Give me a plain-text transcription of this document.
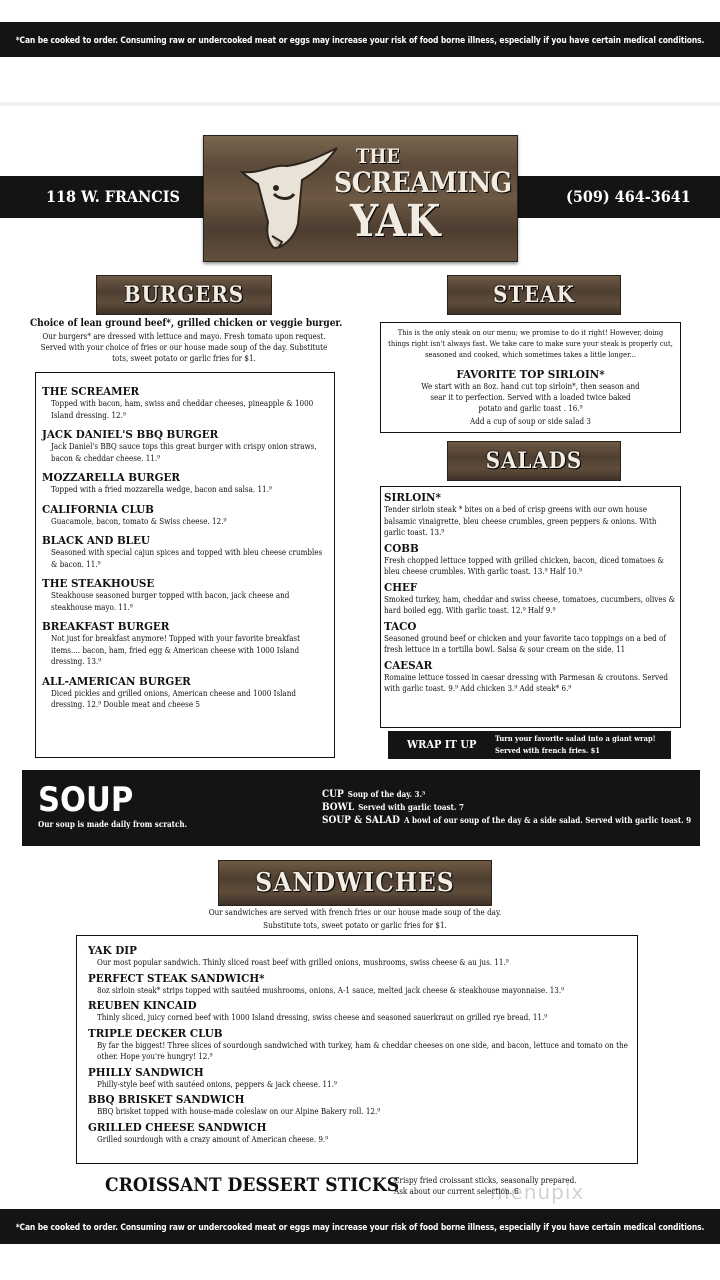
*Can be cooked to order. Consuming raw or undercooked meat or eggs may increase your risk of food borne illness, especially if you have certain medical conditions.
118 W. FRANCIS	(509) 464-3641
THE
SCREAMING
YAK
BURGERS
Choice of lean ground beef*, grilled chicken or veggie burger.
Our burgers* are dressed with lettuce and mayo. Fresh tomato upon request. Served with your choice of fries or our house made soup of the day. Substitute tots, sweet potato or garlic fries for $1.
THE SCREAMER
Topped with bacon, ham, swiss and cheddar cheeses, pineapple & 1000 Island dressing. 12.⁹
JACK DANIEL'S BBQ BURGER
Jack Daniel's BBQ sauce tops this great burger with crispy onion straws, bacon & cheddar cheese. 11.⁹
MOZZARELLA BURGER
Topped with a fried mozzarella wedge, bacon and salsa. 11.⁹
CALIFORNIA CLUB
Guacamole, bacon, tomato & Swiss cheese. 12.⁹
BLACK AND BLEU
Seasoned with special cajun spices and topped with bleu cheese crumbles & bacon. 11.⁹
THE STEAKHOUSE
Steakhouse seasoned burger topped with bacon, jack cheese and steakhouse mayo. 11.⁹
BREAKFAST BURGER
Not just for breakfast anymore! Topped with your favorite breakfast items.... bacon, ham, fried egg & American cheese with 1000 Island dressing. 13.⁹
ALL-AMERICAN BURGER
Diced pickles and grilled onions, American cheese and 1000 Island dressing. 12.⁹ Double meat and cheese 5
STEAK
This is the only steak on our menu; we promise to do it right! However, doing things right isn't always fast. We take care to make sure your steak is properly cut, seasoned and cooked, which sometimes takes a little longer...
FAVORITE TOP SIRLOIN*
We start with an 8oz. hand cut top sirloin*, then season and sear it to perfection. Served with a loaded twice baked potato and garlic toast . 16.⁹
Add a cup of soup or side salad 3
SALADS
SIRLOIN*
Tender sirloin steak * bites on a bed of crisp greens with our own house balsamic vinaigrette, bleu cheese crumbles, green peppers & onions. With garlic toast. 13.⁹
COBB
Fresh chopped lettuce topped with grilled chicken, bacon, diced tomatoes & bleu cheese crumbles. With garlic toast. 13.⁹ Half 10.⁹
CHEF
Smoked turkey, ham, cheddar and swiss cheese, tomatoes, cucumbers, olives & hard boiled egg. With garlic toast. 12.⁹ Half 9.⁹
TACO
Seasoned ground beef or chicken and your favorite taco toppings on a bed of fresh lettuce in a tortilla bowl. Salsa & sour cream on the side. 11
CAESAR
Romaine lettuce tossed in caesar dressing with Parmesan & croutons. Served with garlic toast. 9.⁹ Add chicken 3.⁹ Add steak* 6.⁹
WRAP IT UP Turn your favorite salad into a giant wrap!
Served with french fries. $1
SOUP
Our soup is made daily from scratch.
CUP Soup of the day. 3.⁵
BOWL Served with garlic toast. 7
SOUP & SALAD A bowl of our soup of the day & a side salad. Served with garlic toast. 9
SANDWICHES
Our sandwiches are served with french fries or our house made soup of the day.
Substitute tots, sweet potato or garlic fries for $1.
YAK DIP
Our most popular sandwich. Thinly sliced roast beef with grilled onions, mushrooms, swiss cheese & au jus. 11.⁹
PERFECT STEAK SANDWICH*
8oz sirloin steak* strips topped with sautéed mushrooms, onions, A-1 sauce, melted jack cheese & steakhouse mayonnaise. 13.⁹
REUBEN KINCAID
Thinly sliced, juicy corned beef with 1000 Island dressing, swiss cheese and seasoned sauerkraut on grilled rye bread. 11.⁹
TRIPLE DECKER CLUB
By far the biggest! Three slices of sourdough sandwiched with turkey, ham & cheddar cheeses on one side, and bacon, lettuce and tomato on the other. Hope you're hungry! 12.⁹
PHILLY SANDWICH
Philly-style beef with sautéed onions, peppers & jack cheese. 11.⁹
BBQ BRISKET SANDWICH
BBQ brisket topped with house-made coleslaw on our Alpine Bakery roll. 12.⁹
GRILLED CHEESE SANDWICH
Grilled sourdough with a crazy amount of American cheese. 9.⁹
CROISSANT DESSERT STICKS
Crispy fried croissant sticks, seasonally prepared.
Ask about our current selection. 6
menupix
*Can be cooked to order. Consuming raw or undercooked meat or eggs may increase your risk of food borne illness, especially if you have certain medical conditions.
